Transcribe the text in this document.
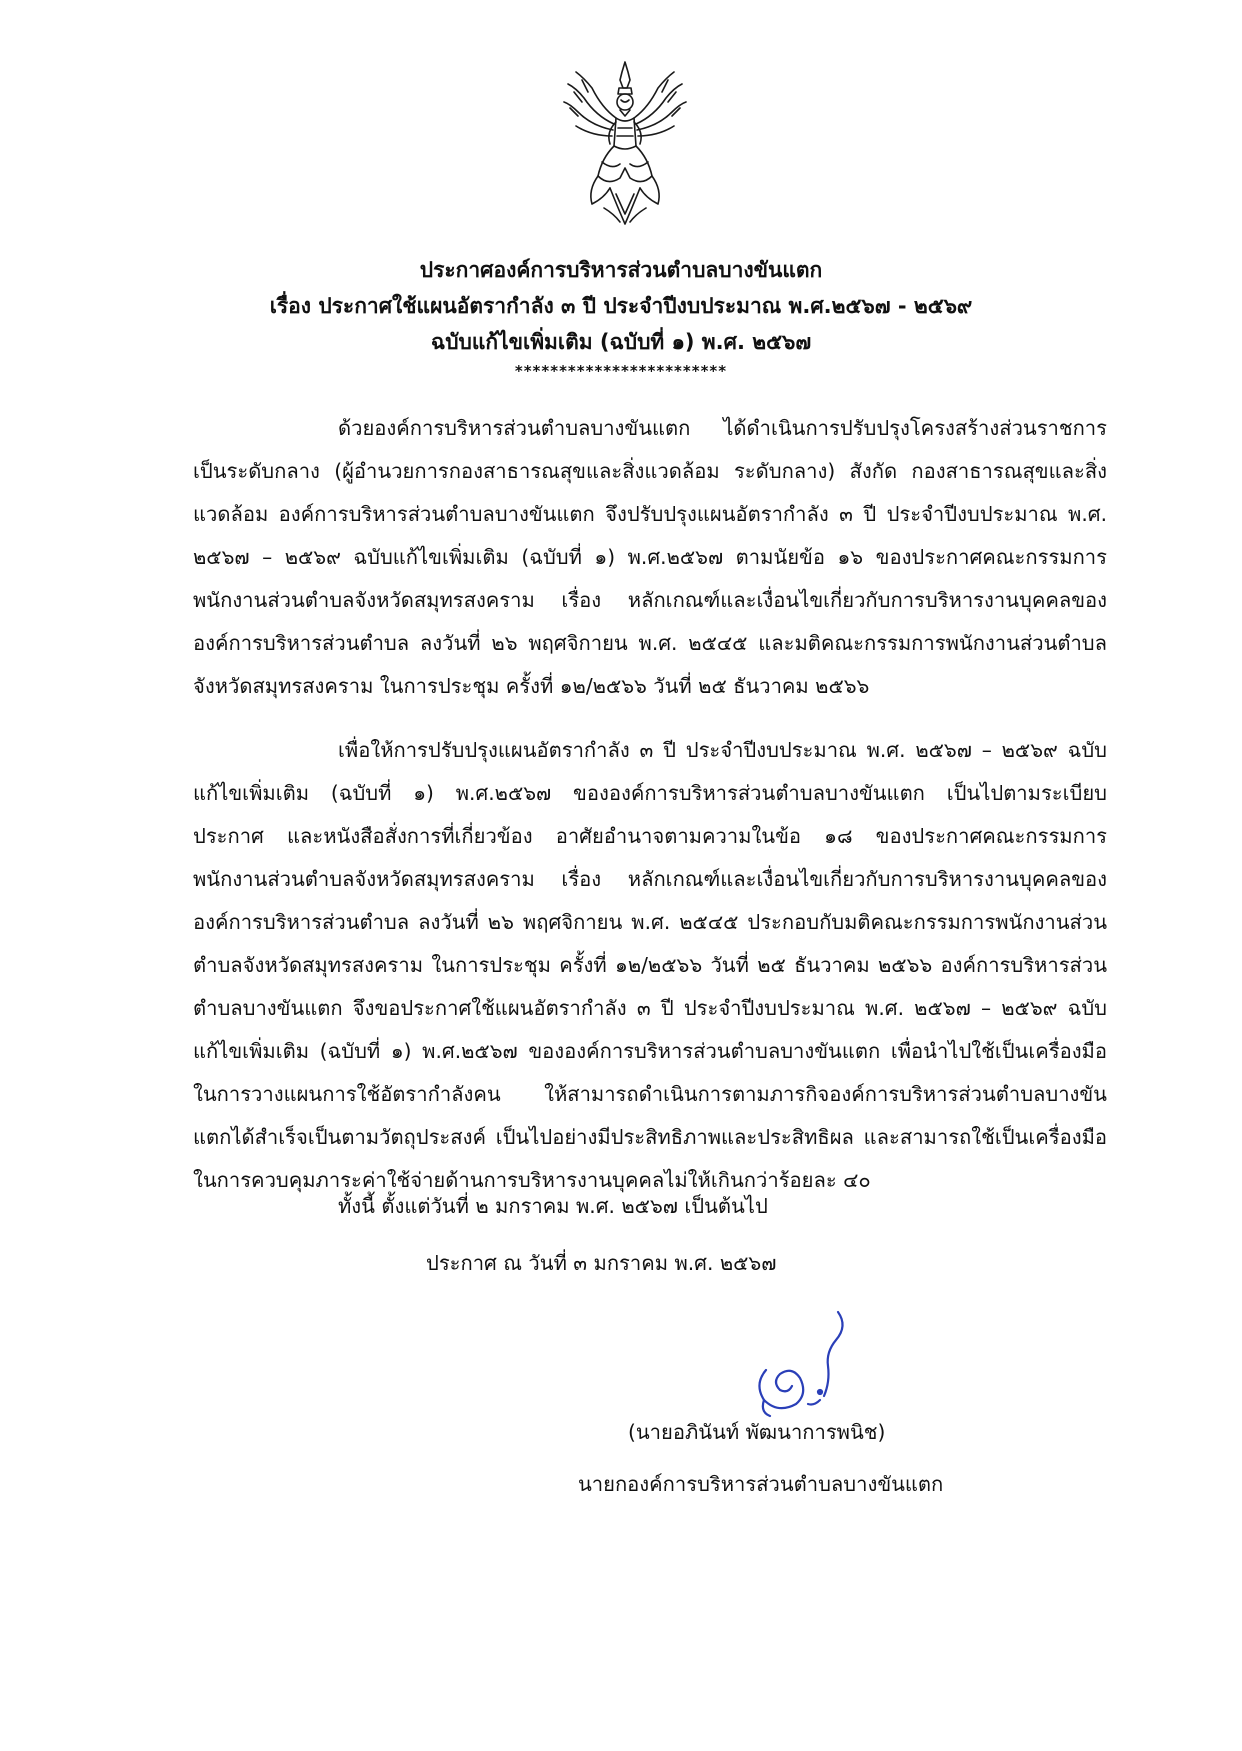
ประกาศองค์การบริหารส่วนตำบลบางขันแตก
เรื่อง ประกาศใช้แผนอัตรากำลัง ๓ ปี ประจำปีงบประมาณ พ.ศ.๒๕๖๗ - ๒๕๖๙
ฉบับแก้ไขเพิ่มเติม (ฉบับที่ ๑) พ.ศ. ๒๕๖๗
************************

ด้วยองค์การบริหารส่วนตำบลบางขันแตก ได้ดำเนินการปรับปรุงโครงสร้างส่วนราชการเป็นระดับกลาง (ผู้อำนวยการกองสาธารณสุขและสิ่งแวดล้อม ระดับกลาง) สังกัด กองสาธารณสุขและสิ่งแวดล้อม องค์การบริหารส่วนตำบลบางขันแตก จึงปรับปรุงแผนอัตรากำลัง ๓ ปี ประจำปีงบประมาณ พ.ศ. ๒๕๖๗ – ๒๕๖๙ ฉบับแก้ไขเพิ่มเติม (ฉบับที่ ๑) พ.ศ.๒๕๖๗ ตามนัยข้อ ๑๖ ของประกาศคณะกรรมการพนักงานส่วนตำบลจังหวัดสมุทรสงคราม เรื่อง หลักเกณฑ์และเงื่อนไขเกี่ยวกับการบริหารงานบุคคลขององค์การบริหารส่วนตำบล ลงวันที่ ๒๖ พฤศจิกายน พ.ศ. ๒๕๔๕ และมติคณะกรรมการพนักงานส่วนตำบลจังหวัดสมุทรสงคราม ในการประชุม ครั้งที่ ๑๒/๒๕๖๖ วันที่ ๒๕ ธันวาคม ๒๕๖๖

เพื่อให้การปรับปรุงแผนอัตรากำลัง ๓ ปี ประจำปีงบประมาณ พ.ศ. ๒๕๖๗ – ๒๕๖๙ ฉบับแก้ไขเพิ่มเติม (ฉบับที่ ๑) พ.ศ.๒๕๖๗ ขององค์การบริหารส่วนตำบลบางขันแตก เป็นไปตามระเบียบ ประกาศ และหนังสือสั่งการที่เกี่ยวข้อง อาศัยอำนาจตามความในข้อ ๑๘ ของประกาศคณะกรรมการพนักงานส่วนตำบลจังหวัดสมุทรสงคราม เรื่อง หลักเกณฑ์และเงื่อนไขเกี่ยวกับการบริหารงานบุคคลขององค์การบริหารส่วนตำบล ลงวันที่ ๒๖ พฤศจิกายน พ.ศ. ๒๕๔๕ ประกอบกับมติคณะกรรมการพนักงานส่วนตำบลจังหวัดสมุทรสงคราม ในการประชุม ครั้งที่ ๑๒/๒๕๖๖ วันที่ ๒๕ ธันวาคม ๒๕๖๖ องค์การบริหารส่วนตำบลบางขันแตก จึงขอประกาศใช้แผนอัตรากำลัง ๓ ปี ประจำปีงบประมาณ พ.ศ. ๒๕๖๗ – ๒๕๖๙ ฉบับแก้ไขเพิ่มเติม (ฉบับที่ ๑) พ.ศ.๒๕๖๗ ขององค์การบริหารส่วนตำบลบางขันแตก เพื่อนำไปใช้เป็นเครื่องมือในการวางแผนการใช้อัตรากำลังคน ให้สามารถดำเนินการตามภารกิจองค์การบริหารส่วนตำบลบางขันแตกได้สำเร็จเป็นตามวัตถุประสงค์ เป็นไปอย่างมีประสิทธิภาพและประสิทธิผล และสามารถใช้เป็นเครื่องมือในการควบคุมภาระค่าใช้จ่ายด้านการบริหารงานบุคคลไม่ให้เกินกว่าร้อยละ ๔๐

ทั้งนี้ ตั้งแต่วันที่ ๒ มกราคม พ.ศ. ๒๕๖๗ เป็นต้นไป
ประกาศ ณ วันที่ ๓ มกราคม พ.ศ. ๒๕๖๗
(นายอภินันท์ พัฒนาการพนิช)
นายกองค์การบริหารส่วนตำบลบางขันแตก
